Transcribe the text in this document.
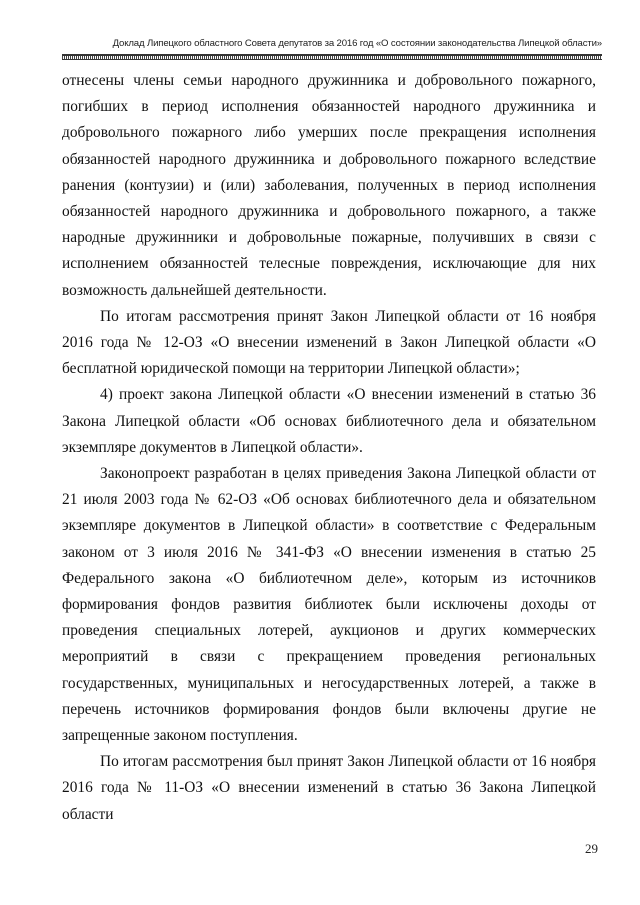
Доклад Липецкого областного Совета депутатов за 2016 год «О состоянии законодательства Липецкой области»

отнесены члены семьи народного дружинника и добровольного пожарного, погибших в период исполнения обязанностей народного дружинника и добровольного пожарного либо умерших после прекращения исполнения обязанностей народного дружинника и добровольного пожарного вследствие ранения (контузии) и (или) заболевания, полученных в период исполнения обязанностей народного дружинника и добровольного пожарного, а также народные дружинники и добровольные пожарные, получивших в связи с исполнением обязанностей телесные повреждения, исключающие для них возможность дальнейшей деятельности.

По итогам рассмотрения принят Закон Липецкой области от 16 ноября 2016 года № 12-ОЗ «О внесении изменений в Закон Липецкой области «О бесплатной юридической помощи на территории Липецкой области»;

4) проект закона Липецкой области «О внесении изменений в статью 36 Закона Липецкой области «Об основах библиотечного дела и обязательном экземпляре документов в Липецкой области».

Законопроект разработан в целях приведения Закона Липецкой области от 21 июля 2003 года № 62-ОЗ «Об основах библиотечного дела и обязательном экземпляре документов в Липецкой области» в соответствие с Федеральным законом от 3 июля 2016 № 341-ФЗ «О внесении изменения в статью 25 Федерального закона «О библиотечном деле», которым из источников формирования фондов развития библиотек были исключены доходы от проведения специальных лотерей, аукционов и других коммерческих мероприятий в связи с прекращением проведения региональных государственных, муниципальных и негосударственных лотерей, а также в перечень источников формирования фондов были включены другие не запрещенные законом поступления.

По итогам рассмотрения был принят Закон Липецкой области от 16 ноября 2016 года № 11-ОЗ «О внесении изменений в статью 36 Закона Липецкой области

29
